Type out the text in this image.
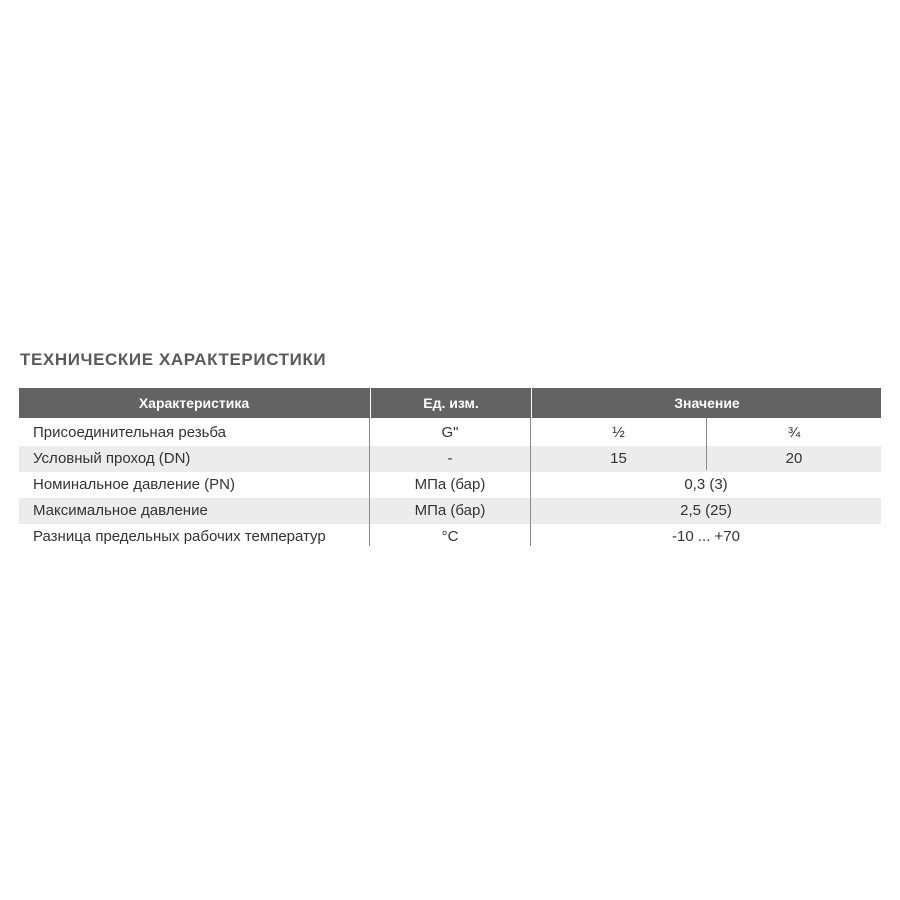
ТЕХНИЧЕСКИЕ ХАРАКТЕРИСТИКИ
Характеристика	Ед. изм.	Значение
Присоединительная резьба	G"	½	¾
Условный проход (DN)	-	15	20
Номинальное давление (PN)	МПа (бар)	0,3 (3)
Максимальное давление	МПа (бар)	2,5 (25)
Разница предельных рабочих температур	°C	-10 ... +70
